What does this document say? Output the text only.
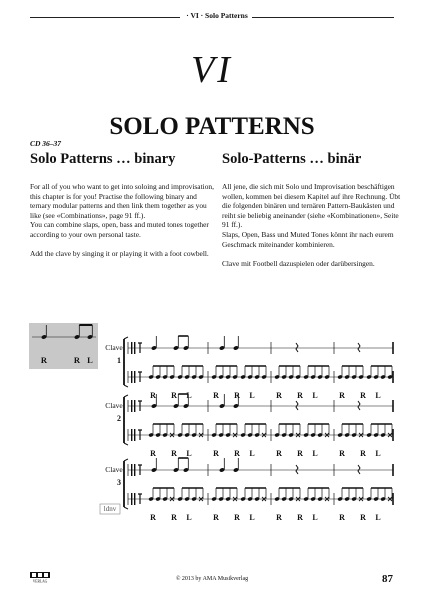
· VI · Solo Patterns
VI
SOLO PATTERNS
CD 36–37
Solo Patterns … binary	Solo-Patterns … binär
For all of you who want to get into soloing and improvisation, this chapter is for you! Practise the following binary and ternary modular patterns and then link them together as you like (see «Combinations», page 91 ff.).
You can combine slaps, open, bass and muted tones together according to your own personal taste.

Add the clave by singing it or playing it with a foot cowbell.
All jene, die sich mit Solo und Improvisation beschäftigen wollen, kommen bei diesem Kapitel auf ihre Rechnung. Übt die folgenden binären und ternären Pattern-Baukästen und reiht sie beliebig aneinander (siehe «Kombinationen», Seite 91 ff.).
Slaps, Open, Bass und Muted Tones könnt ihr nach eurem Geschmack miteinander kombinieren.

Clave mit Footbell dazuspielen oder darübersingen.
R	R L
Clave
1
R R L	R R L	R R L	R R L
Clave
2
R R L	R R L	R R L	R R L
Clave
3
R R L	R R L	R R L	R R L
ldnv
VERLAG	© 2013 by AMA Musikverlag	87
